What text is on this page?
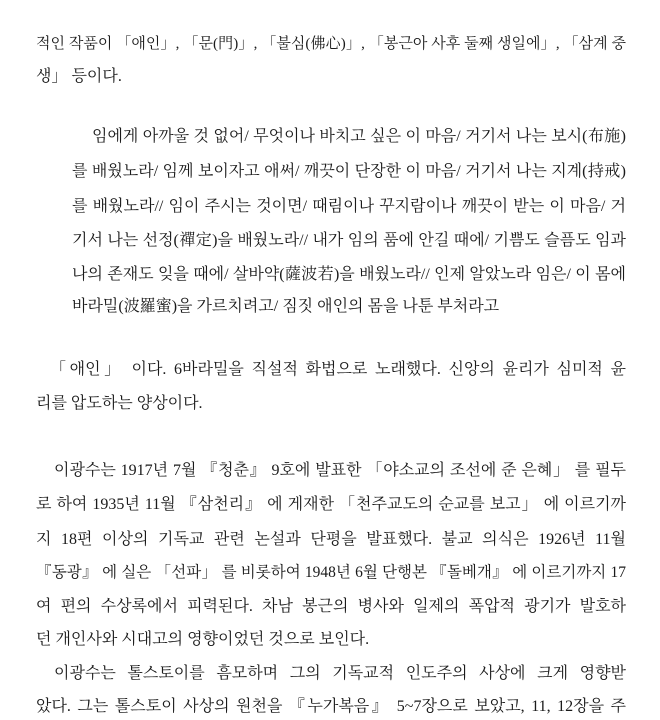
적인 작품이 「애인」, 「문(門)」, 「불심(佛心)」, 「봉근아 사후 둘째 생일에」, 「삼계 중
생」 등이다.
임에게 아까울 것 없어/ 무엇이나 바치고 싶은 이 마음/ 거기서 나는 보시(布施)
를 배웠노라/ 임께 보이자고 애써/ 깨끗이 단장한 이 마음/ 거기서 나는 지계(持戒)
를 배웠노라// 임이 주시는 것이면/ 때림이나 꾸지람이나 깨끗이 받는 이 마음/ 거
기서 나는 선정(禪定)을 배웠노라// 내가 임의 품에 안길 때에/ 기쁨도 슬픔도 임과
나의 존재도 잊을 때에/ 살바약(薩波若)을 배웠노라// 인제 알았노라 임은/ 이 몸에
바라밀(波羅蜜)을 가르치려고/ 짐짓 애인의 몸을 나툰 부처라고
「애인」 이다. 6바라밀을 직설적 화법으로 노래했다. 신앙의 윤리가 심미적 윤
리를 압도하는 양상이다.
이광수는 1917년 7월 『청춘』 9호에 발표한 「야소교의 조선에 준 은혜」 를 필두
로 하여 1935년 11월 『삼천리』 에 게재한 「천주교도의 순교를 보고」 에 이르기까
지 18편 이상의 기독교 관련 논설과 단평을 발표했다. 불교 의식은 1926년 11월
『동광』 에 실은 「선파」 를 비롯하여 1948년 6월 단행본 『돌베개』 에 이르기까지 17
여 편의 수상록에서 피력된다. 차남 봉근의 병사와 일제의 폭압적 광기가 발호하
던 개인사와 시대고의 영향이었던 것으로 보인다.
이광수는 톨스토이를 흠모하며 그의 기독교적 인도주의 사상에 크게 영향받
았다. 그는 톨스토이 사상의 원천을 『누가복음』 5~7장으로 보았고, 11, 12장을 주
